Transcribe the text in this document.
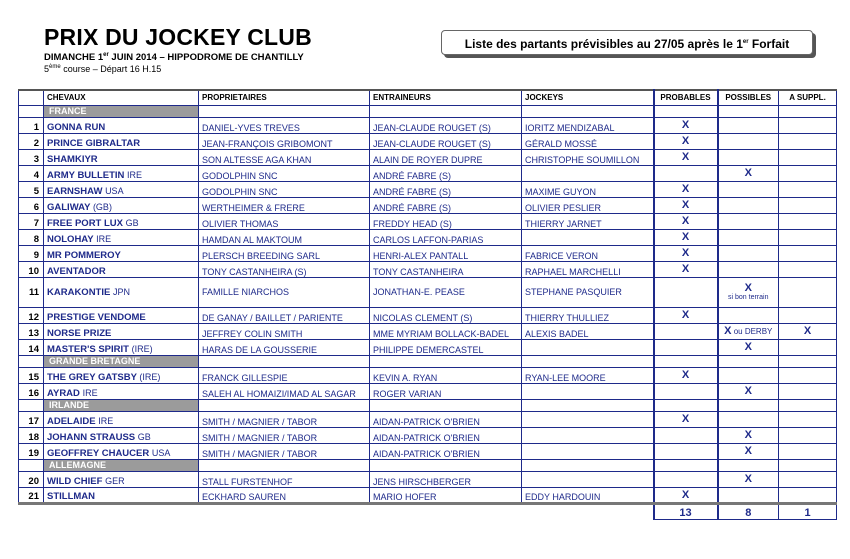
PRIX DU JOCKEY CLUB
DIMANCHE 1er JUIN 2014 – HIPPODROME DE CHANTILLY
5ème course – Départ 16 H.15
Liste des partants prévisibles au 27/05 après le 1er Forfait
	CHEVAUX	PROPRIETAIRES	ENTRAINEURS	JOCKEYS	PROBABLES	POSSIBLES	A SUPPL.
	FRANCE						
1	GONNA RUN	DANIEL-YVES TREVES	JEAN-CLAUDE ROUGET (S)	IORITZ MENDIZABAL	X		
2	PRINCE GIBRALTAR	JEAN-FRANÇOIS GRIBOMONT	JEAN-CLAUDE ROUGET (S)	GÉRALD MOSSÉ	X		
3	SHAMKIYR	SON ALTESSE AGA KHAN	ALAIN DE ROYER DUPRE	CHRISTOPHE SOUMILLON	X		
4	ARMY BULLETIN IRE	GODOLPHIN SNC	ANDRÉ FABRE (S)			X	
5	EARNSHAW USA	GODOLPHIN SNC	ANDRÉ FABRE (S)	MAXIME GUYON	X		
6	GALIWAY (GB)	WERTHEIMER & FRERE	ANDRÉ FABRE (S)	OLIVIER PESLIER	X		
7	FREE PORT LUX GB	OLIVIER THOMAS	FREDDY HEAD (S)	THIERRY JARNET	X		
8	NOLOHAY IRE	HAMDAN AL MAKTOUM	CARLOS LAFFON-PARIAS		X		
9	MR POMMEROY	PLERSCH BREEDING SARL	HENRI-ALEX PANTALL	FABRICE VERON	X		
10	AVENTADOR	TONY CASTANHEIRA (S)	TONY CASTANHEIRA	RAPHAEL MARCHELLI	X		
11	KARAKONTIE JPN	FAMILLE NIARCHOS	JONATHAN-E. PEASE	STEPHANE PASQUIER		X
si bon terrain	

12	PRESTIGE VENDOME	DE GANAY / BAILLET / PARIENTE	NICOLAS CLEMENT (S)	THIERRY THULLIEZ	X		
13	NORSE PRIZE	JEFFREY COLIN SMITH	MME MYRIAM BOLLACK-BADEL	ALEXIS BADEL		X ou DERBY	X
14	MASTER'S SPIRIT (IRE)	HARAS DE LA GOUSSERIE	PHILIPPE DEMERCASTEL			X	
	GRANDE BRETAGNE						
15	THE GREY GATSBY (IRE)	FRANCK GILLESPIE	KEVIN A. RYAN	RYAN-LEE MOORE	X		
16	AYRAD IRE	SALEH AL HOMAIZI/IMAD AL SAGAR	ROGER VARIAN			X	
	IRLANDE						
17	ADELAIDE IRE	SMITH / MAGNIER / TABOR	AIDAN-PATRICK O'BRIEN		X		
18	JOHANN STRAUSS GB	SMITH / MAGNIER / TABOR	AIDAN-PATRICK O'BRIEN			X	
19	GEOFFREY CHAUCER USA	SMITH / MAGNIER / TABOR	AIDAN-PATRICK O'BRIEN			X	
	ALLEMAGNE						
20	WILD CHIEF GER	STALL FURSTENHOF	JENS HIRSCHBERGER			X	
21	STILLMAN	ECKHARD SAUREN	MARIO HOFER	EDDY HARDOUIN	X		
					13	8	1
